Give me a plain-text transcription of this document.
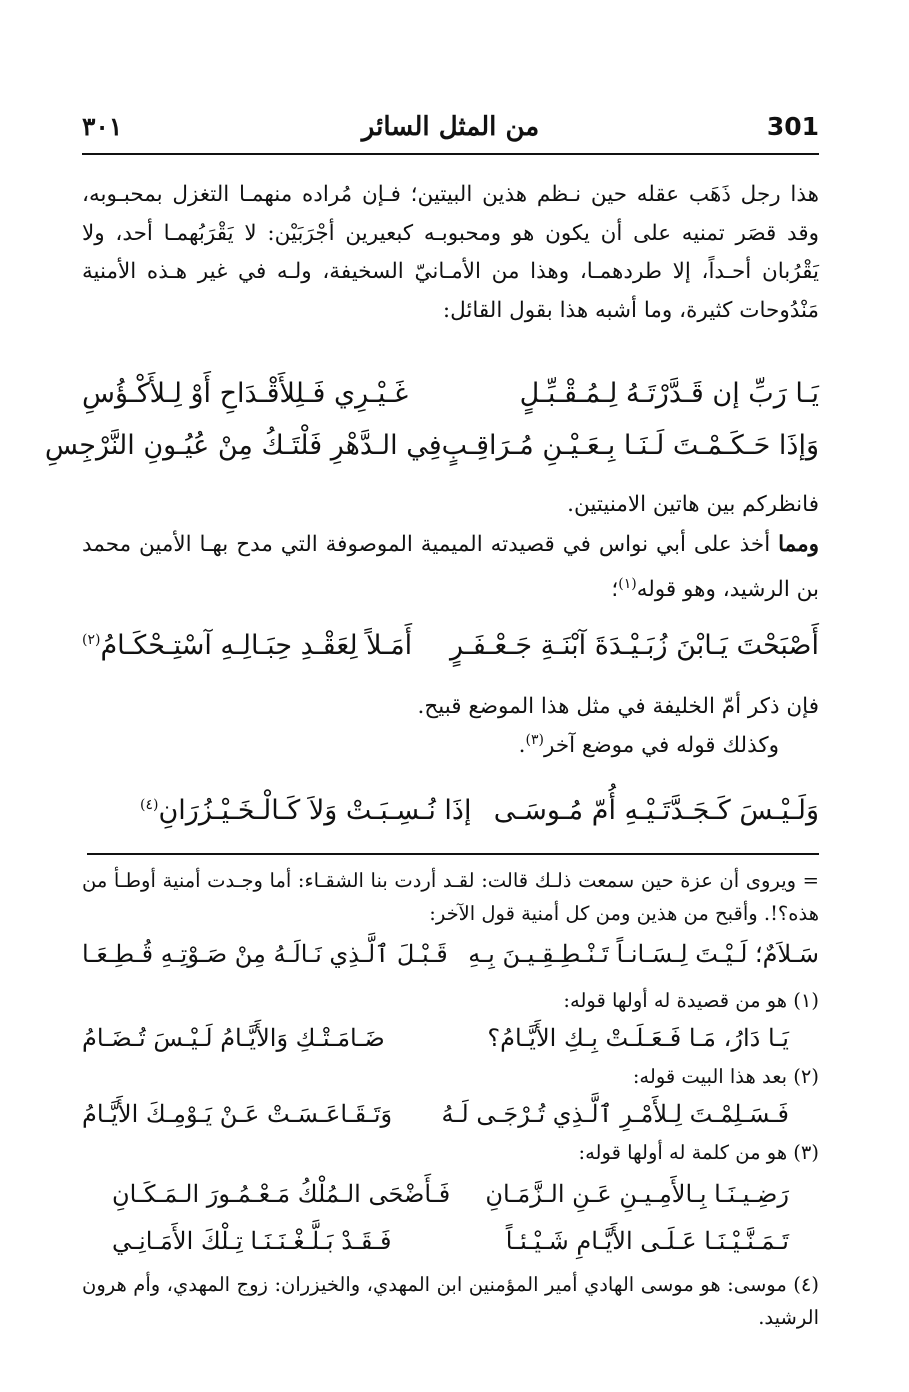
٣٠١	من المثل السائر	301
هذا رجل ذَهَب عقله حين نـظم هذين البيتين؛ فـإن مُراده منهمـا التغزل بمحبـوبه، وقد قصَر تمنيه على أن يكون هو ومحبوبـه كبعيرين أجْرَبَيْن: لا يَقْرَبُهمـا أحد، ولا يَقْرُبان أحـداً، إلا طردهمـا، وهذا من الأمـانيّ السخيفة، ولـه في غير هـذه الأمنية مَنْدُوحات كثيرة، وما أشبه هذا بقول القائل:
يَـا رَبِّ إن قَـدَّرْتَـهُ لِـمُـقْـبِّـلٍ
غَـيْـرِي فَـلِلأَقْـدَاحِ أَوْ لِـلأَكْـؤُسِ
وَإذَا حَـكَـمْـتَ لَـنَـا بِـعَـيْـنِ مُـرَاقِـبٍ
فِي الـدَّهْرِ فَلْتَـكُ مِنْ عُيُـونِ النَّرْجِسِ
فانظركم بين هاتين الامنيتين.
ومما أخذ على أبي نواس في قصيدته الميمية الموصوفة التي مدح بهـا الأمين محمد بن الرشيد، وهو قوله$^{(١)}$؛
أَصْبَحْتَ يَـابْنَ زُبَـيْـدَةَ آبْنَـةِ جَـعْـفَـرٍ
أَمَـلاً لِعَقْـدِ حِبَـالِـهِ آسْتِـحْكَـامُ$^{(٢)}$
فإن ذكر أمّ الخليفة في مثل هذا الموضع قبيح.
وكذلك قوله في موضع آخر$^{(٣)}$.
وَلَـيْـسَ كَـجَـدَّتَـيْـهِ أُمّ مُـوسَـى
إذَا نُـسِـبَـتْ وَلاَ كَـالْـخَـيْـزُرَانِ$^{(٤)}$
= ويروى أن عزة حين سمعت ذلـك قالت: لقـد أردت بنا الشقـاء: أما وجـدت أمنية أوطـأ من هذه؟!. وأقبح من هذين ومن كل أمنية قول الآخر:
سَـلاَمٌ؛ لَـيْـتَ لِـسَـانـاً تَـنْـطِـقِـيـنَ بِـهِ
قَـبْـلَ ٱلَّـذِي نَـالَـهُ مِنْ صَـوْتِـهِ قُـطِـعَـا
(١) هو من قصيدة له أولها قوله:
يَـا دَارُ، مَـا فَـعَـلَـتْ بِـكِ الأَيَّـامُ؟
ضَـامَـتْـكِ وَالأَيَّـامُ لَـيْـسَ تُـضَـامُ
(٢) بعد هذا البيت قوله:
فَـسَـلِمْـتَ لِـلأَمْـرِ ٱلَّـذِي تُـرْجَـى لَـهُ
وَتَـقَـاعَـسَـتْ عَـنْ يَـوْمِـكَ الأَيَّـامُ
(٣) هو من كلمة له أولها قوله:
رَضِـيـنَـا بِـالأَمِـيـنِ عَـنِ الـزَّمَـانِ
فَـأَضْحَى الـمُلْكُ مَـعْـمُـورَ الـمَـكَـانِ
تَـمَـنَّـيْـنَـا عَـلَـى الأَيَّـامِ شَـيْـئـاً
فَـقَـدْ بَـلَّـغْـنَـنَـا تِـلْكَ الأَمَـانِـي
(٤) موسى: هو موسى الهادي أمير المؤمنين ابن المهدي، والخيزران: زوج المهدي، وأم هرون الرشيد.
